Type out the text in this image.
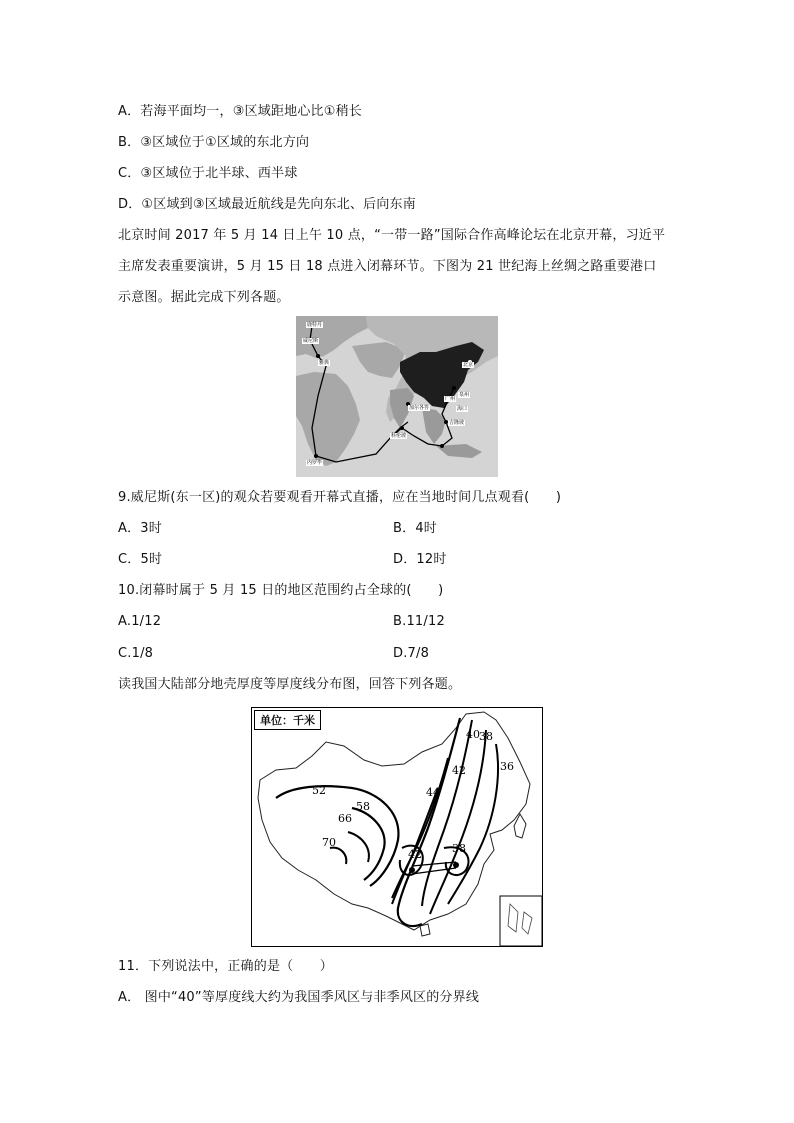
A．若海平面均一，③区域距地心比①稍长
B．③区域位于①区域的东北方向
C．③区域位于北半球、西半球
D．①区域到③区域最近航线是先向东北、后向东南
北京时间 2017 年 5 月 14 日上午 10 点，“一带一路”国际合作高峰论坛在北京开幕，习近平
主席发表重要演讲，5 月 15 日 18 点进入闭幕环节。下图为 21 世纪海上丝绸之路重要港口
示意图。据此完成下列各题。
鹿特丹
威尼斯
雅典	北京
加尔各答
泉州
广州
海口
科伦坡
吉隆坡
内罗毕
9.威尼斯(东一区)的观众若要观看开幕式直播，应在当地时间几点观看(　　)
A．3时	B．4时
C．5时	D．12时
10.闭幕时属于 5 月 15 日的地区范围约占全球的(　　)
A.1/12	B.11/12
C.1/8	D.7/8
读我国大陆部分地壳厚度等厚度线分布图，回答下列各题。
单位：千米
40 38
36
42
44
52
58
66
70
42	38
11．下列说法中，正确的是（　　）
A． 图中“40”等厚度线大约为我国季风区与非季风区的分界线
